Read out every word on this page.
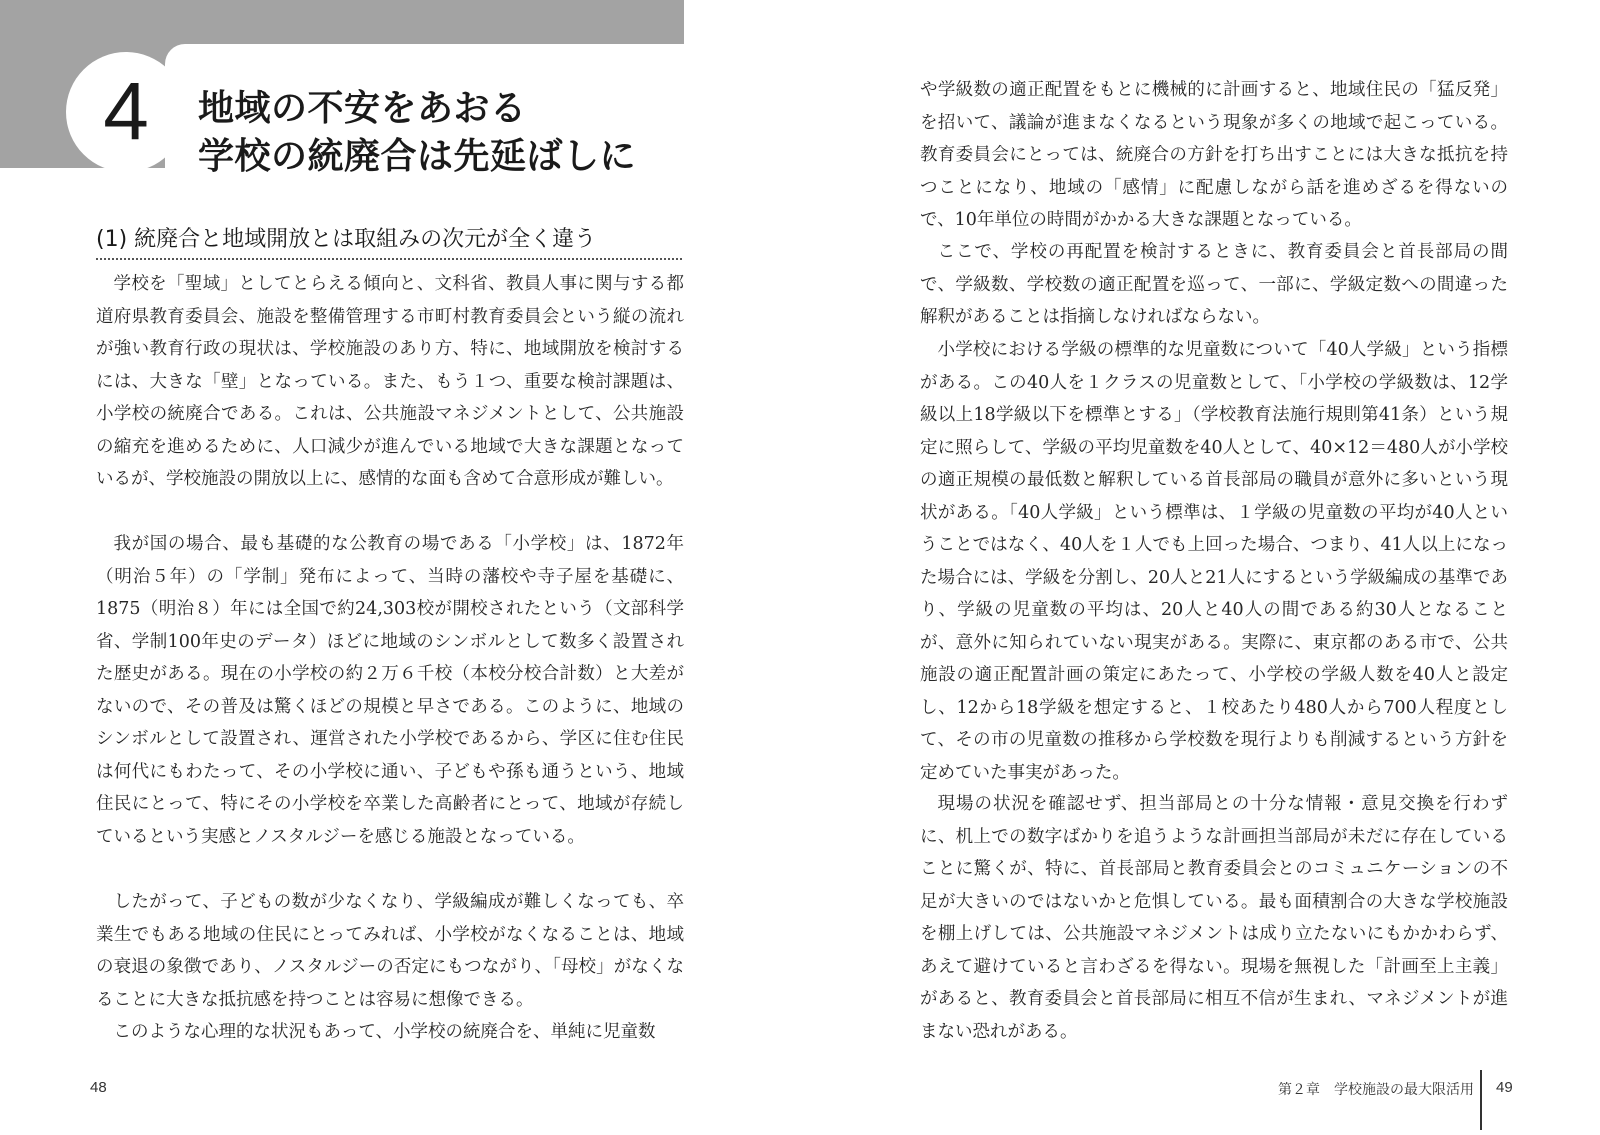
4	地域の不安をあおる
学校の統廃合は先延ばしに
(1) 統廃合と地域開放とは取組みの次元が全く違う

学校を「聖域」としてとらえる傾向と、文科省、教員人事に関与する都道府県教育委員会、施設を整備管理する市町村教育委員会という縦の流れが強い教育行政の現状は、学校施設のあり方、特に、地域開放を検討するには、大きな「壁」となっている。また、もう１つ、重要な検討課題は、小学校の統廃合である。これは、公共施設マネジメントとして、公共施設の縮充を進めるために、人口減少が進んでいる地域で大きな課題となっているが、学校施設の開放以上に、感情的な面も含めて合意形成が難しい。

我が国の場合、最も基礎的な公教育の場である「小学校」は、1872年（明治５年）の「学制」発布によって、当時の藩校や寺子屋を基礎に、1875（明治８）年には全国で約24,303校が開校されたという（文部科学省、学制100年史のデータ）ほどに地域のシンボルとして数多く設置された歴史がある。現在の小学校の約２万６千校（本校分校合計数）と大差がないので、その普及は驚くほどの規模と早さである。このように、地域のシンボルとして設置され、運営された小学校であるから、学区に住む住民は何代にもわたって、その小学校に通い、子どもや孫も通うという、地域住民にとって、特にその小学校を卒業した高齢者にとって、地域が存続しているという実感とノスタルジーを感じる施設となっている。

したがって、子どもの数が少なくなり、学級編成が難しくなっても、卒業生でもある地域の住民にとってみれば、小学校がなくなることは、地域の衰退の象徴であり、ノスタルジーの否定にもつながり、「母校」がなくなることに大きな抵抗感を持つことは容易に想像できる。

このような心理的な状況もあって、小学校の統廃合を、単純に児童数

や学級数の適正配置をもとに機械的に計画すると、地域住民の「猛反発」を招いて、議論が進まなくなるという現象が多くの地域で起こっている。教育委員会にとっては、統廃合の方針を打ち出すことには大きな抵抗を持つことになり、地域の「感情」に配慮しながら話を進めざるを得ないので、10年単位の時間がかかる大きな課題となっている。

ここで、学校の再配置を検討するときに、教育委員会と首長部局の間で、学級数、学校数の適正配置を巡って、一部に、学級定数への間違った解釈があることは指摘しなければならない。

小学校における学級の標準的な児童数について「40人学級」という指標がある。この40人を１クラスの児童数として、「小学校の学級数は、12学級以上18学級以下を標準とする」（学校教育法施行規則第41条）という規定に照らして、学級の平均児童数を40人として、40×12＝480人が小学校の適正規模の最低数と解釈している首長部局の職員が意外に多いという現状がある。「40人学級」という標準は、１学級の児童数の平均が40人ということではなく、40人を１人でも上回った場合、つまり、41人以上になった場合には、学級を分割し、20人と21人にするという学級編成の基準であり、学級の児童数の平均は、20人と40人の間である約30人となることが、意外に知られていない現実がある。実際に、東京都のある市で、公共施設の適正配置計画の策定にあたって、小学校の学級人数を40人と設定し、12から18学級を想定すると、１校あたり480人から700人程度として、その市の児童数の推移から学校数を現行よりも削減するという方針を定めていた事実があった。

現場の状況を確認せず、担当部局との十分な情報・意見交換を行わずに、机上での数字ばかりを追うような計画担当部局が未だに存在していることに驚くが、特に、首長部局と教育委員会とのコミュニケーションの不足が大きいのではないかと危惧している。最も面積割合の大きな学校施設を棚上げしては、公共施設マネジメントは成り立たないにもかかわらず、あえて避けていると言わざるを得ない。現場を無視した「計画至上主義」があると、教育委員会と首長部局に相互不信が生まれ、マネジメントが進まない恐れがある。

48	第２章　学校施設の最大限活用 49
